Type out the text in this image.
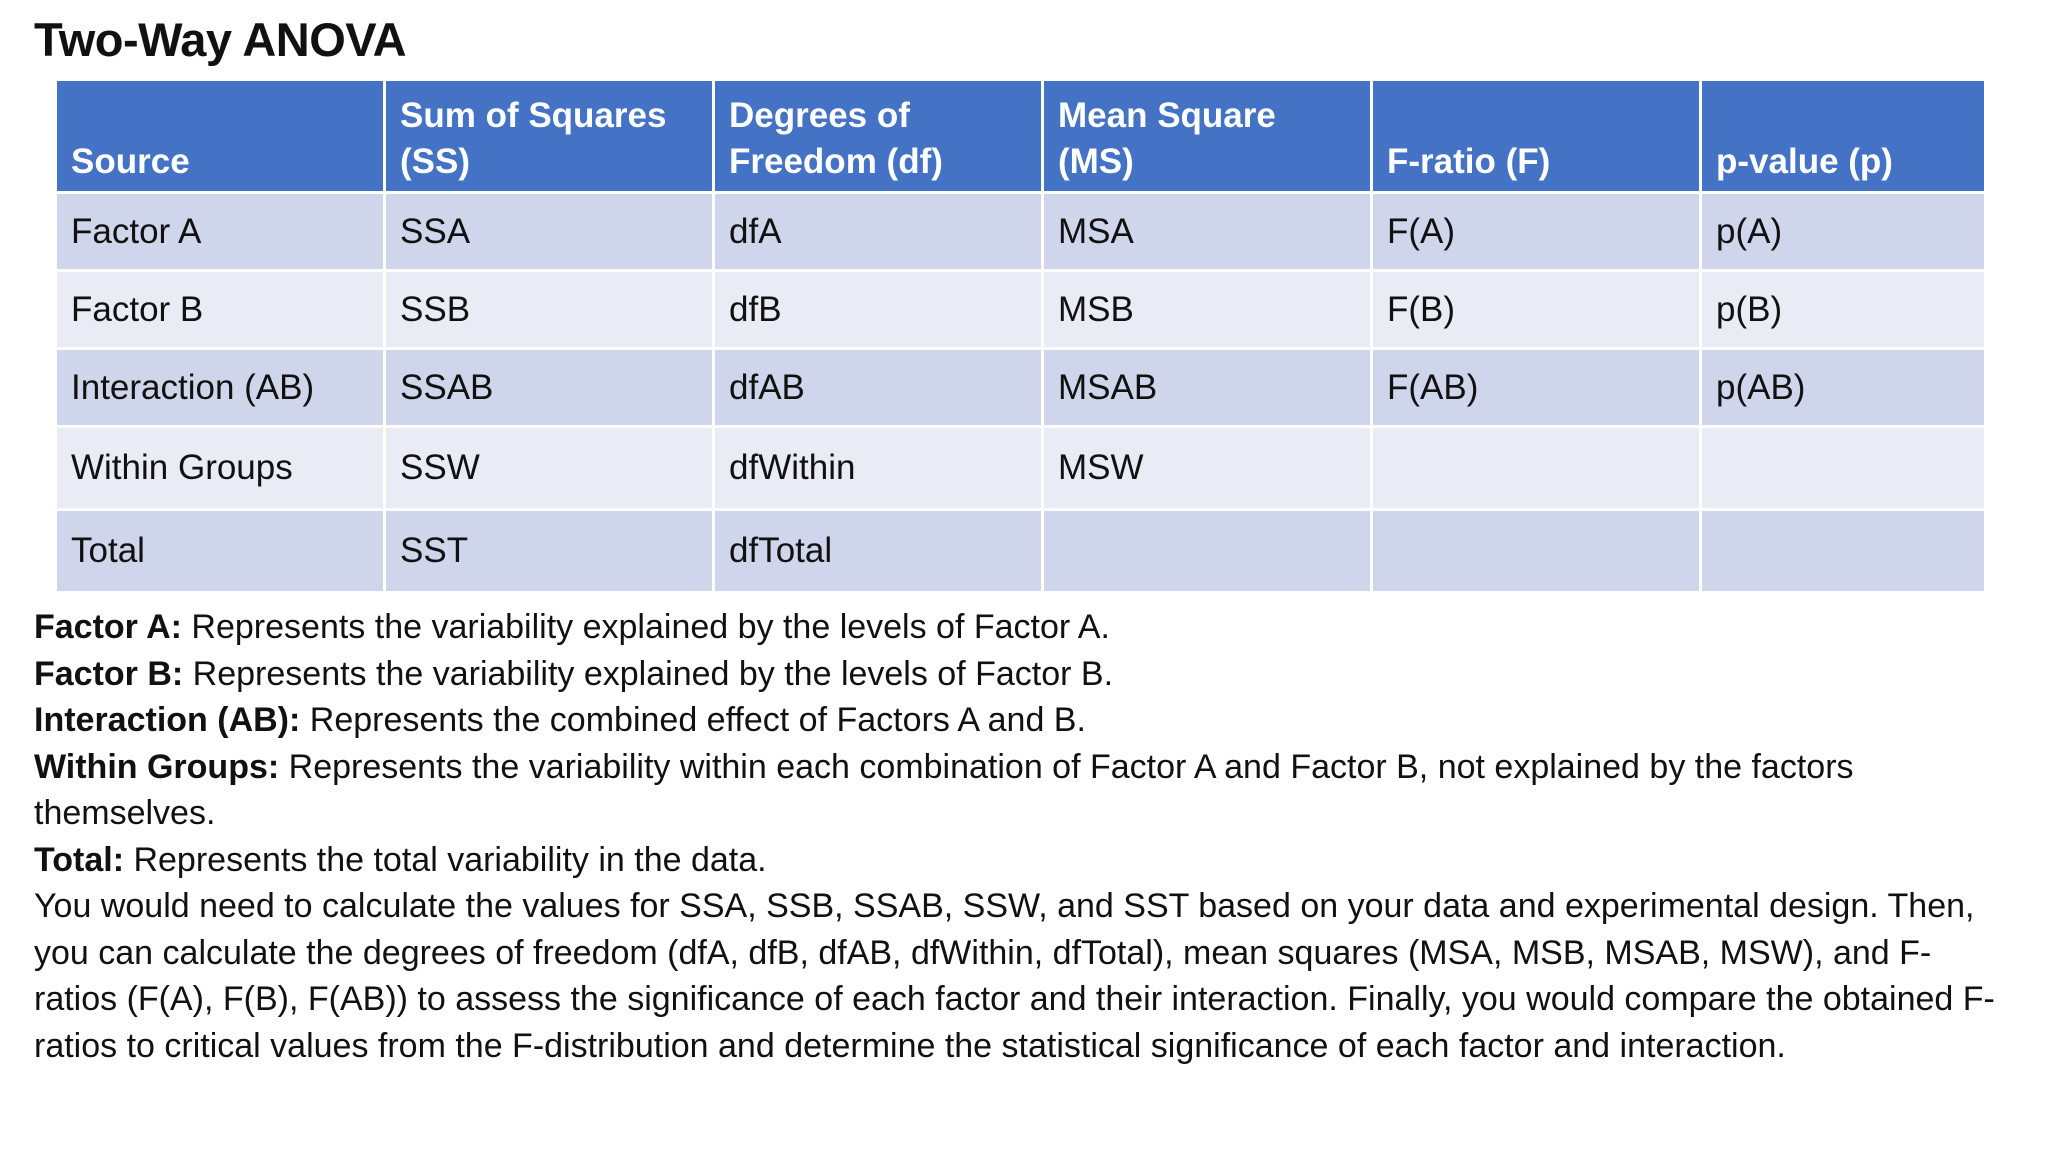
Two-Way ANOVA
Source	Sum of Squares (SS)	Degrees of Freedom (df)	Mean Square (MS)	F-ratio (F)	p-value (p)
Factor A	SSA	dfA	MSA	F(A)	p(A)
Factor B	SSB	dfB	MSB	F(B)	p(B)
Interaction (AB)	SSAB	dfAB	MSAB	F(AB)	p(AB)
Within Groups	SSW	dfWithin	MSW		
Total	SST	dfTotal			

Factor A: Represents the variability explained by the levels of Factor A.

Factor B: Represents the variability explained by the levels of Factor B.

Interaction (AB): Represents the combined effect of Factors A and B.

Within Groups: Represents the variability within each combination of Factor A and Factor B, not explained by the factors themselves.

Total: Represents the total variability in the data.

You would need to calculate the values for SSA, SSB, SSAB, SSW, and SST based on your data and experimental design. Then, you can calculate the degrees of freedom (dfA, dfB, dfAB, dfWithin, dfTotal), mean squares (MSA, MSB, MSAB, MSW), and F-ratios (F(A), F(B), F(AB)) to assess the significance of each factor and their interaction. Finally, you would compare the obtained F-ratios to critical values from the F-distribution and determine the statistical significance of each factor and interaction.
